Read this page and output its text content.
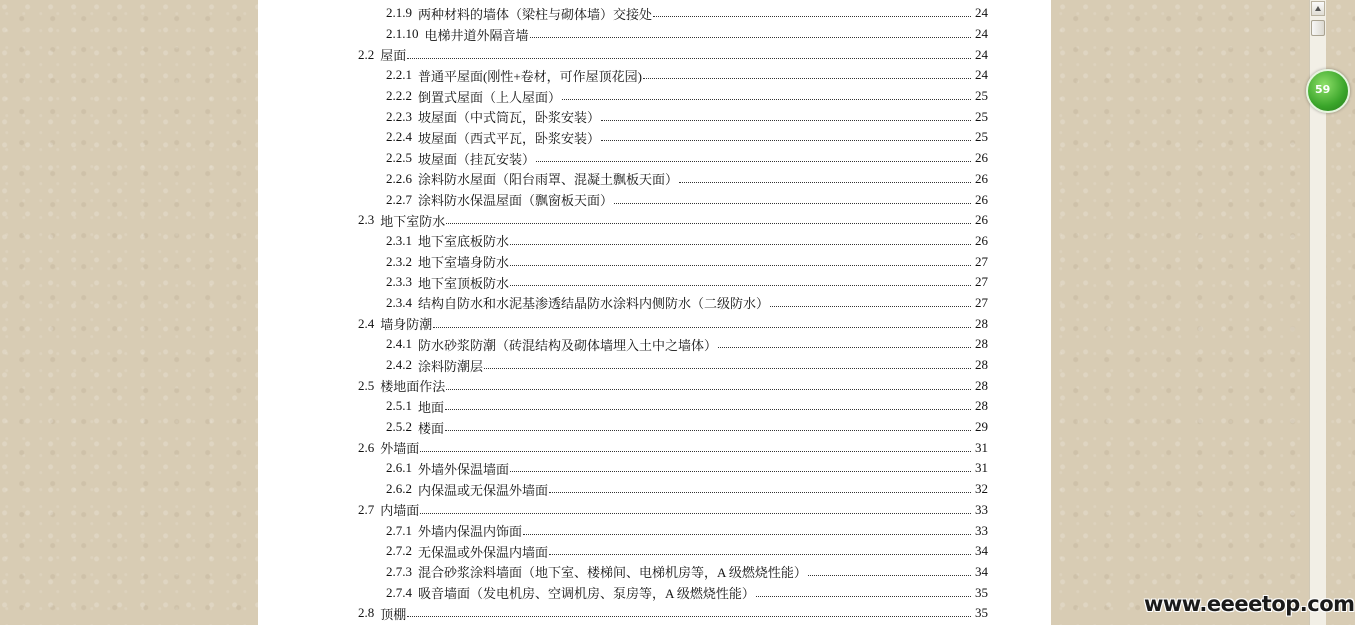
2.1.9 两种材料的墙体（梁柱与砌体墙）交接处	24
2.1.10 电梯井道外隔音墙	24
2.2 屋面	24
2.2.1 普通平屋面(刚性+卷材，可作屋顶花园)	24
2.2.2 倒置式屋面（上人屋面）	25
2.2.3 坡屋面（中式筒瓦，卧浆安装）	25
2.2.4 坡屋面（西式平瓦，卧浆安装）	25
2.2.5 坡屋面（挂瓦安装）	26
2.2.6 涂料防水屋面（阳台雨罩、混凝土飘板天面）	26
2.2.7 涂料防水保温屋面（飘窗板天面）	26
2.3 地下室防水	26
2.3.1 地下室底板防水	26
2.3.2 地下室墙身防水	27
2.3.3 地下室顶板防水	27
2.3.4 结构自防水和水泥基渗透结晶防水涂料内侧防水（二级防水）	27
2.4 墙身防潮	28
2.4.1 防水砂浆防潮（砖混结构及砌体墙埋入土中之墙体）	28
2.4.2 涂料防潮层	28
2.5 楼地面作法	28
2.5.1 地面	28
2.5.2 楼面	29
2.6 外墙面	31
2.6.1 外墙外保温墙面	31
2.6.2 内保温或无保温外墙面	32
2.7 内墙面	33
2.7.1 外墙内保温内饰面	33
2.7.2 无保温或外保温内墙面	34
2.7.3 混合砂浆涂料墙面（地下室、楼梯间、电梯机房等，A 级燃烧性能）	34
2.7.4 吸音墙面（发电机房、空调机房、泵房等，A 级燃烧性能）	35
2.8 顶棚	35
59
www.eeeetop.com
